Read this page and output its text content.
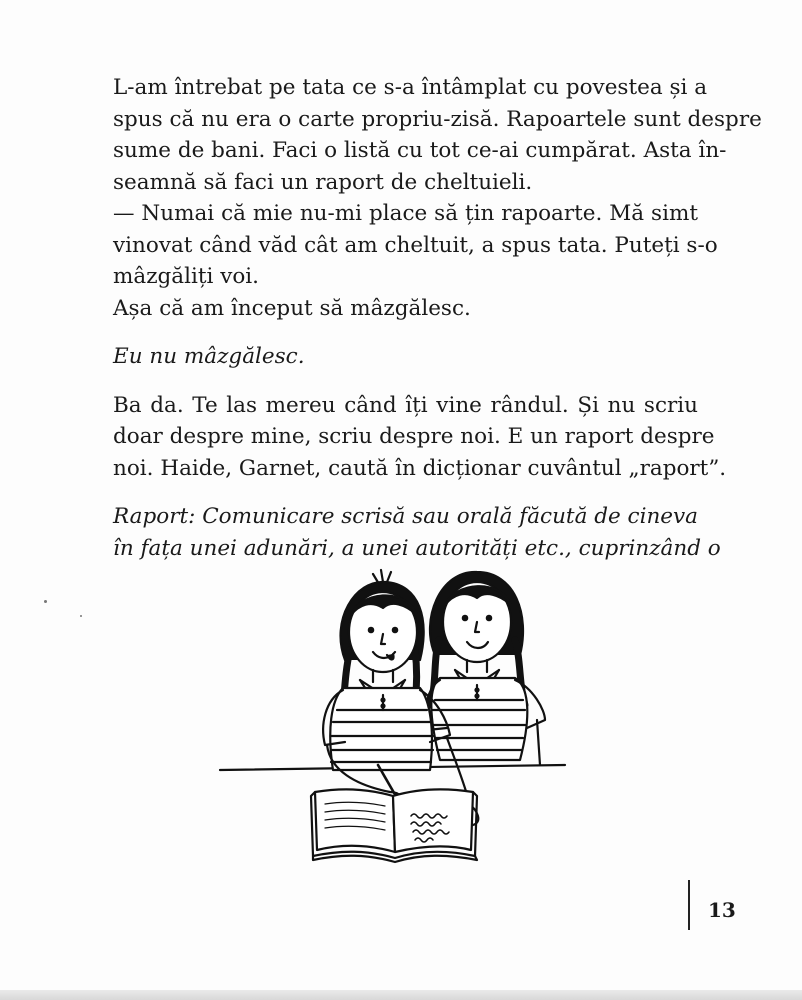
L-am întrebat pe tata ce s-a întâmplat cu povestea și a
spus că nu era o carte propriu-zisă. Rapoartele sunt despre
sume de bani. Faci o listă cu tot ce-ai cumpărat. Asta în-
seamnă să faci un raport de cheltuieli.

— Numai că mie nu-mi place să țin rapoarte. Mă simt
vinovat când văd cât am cheltuit, a spus tata. Puteți s-o
mâzgăliți voi.

Așa că am început să mâzgălesc.

Eu nu mâzgălesc.

Ba da. Te las mereu când îți vine rândul. Și nu scriu
doar despre mine, scriu despre noi. E un raport despre
noi. Haide, Garnet, caută în dicționar cuvântul „raport”.

Raport: Comunicare scrisă sau orală făcută de cineva
în fața unei adunări, a unei autorități etc., cuprinzând o

13
